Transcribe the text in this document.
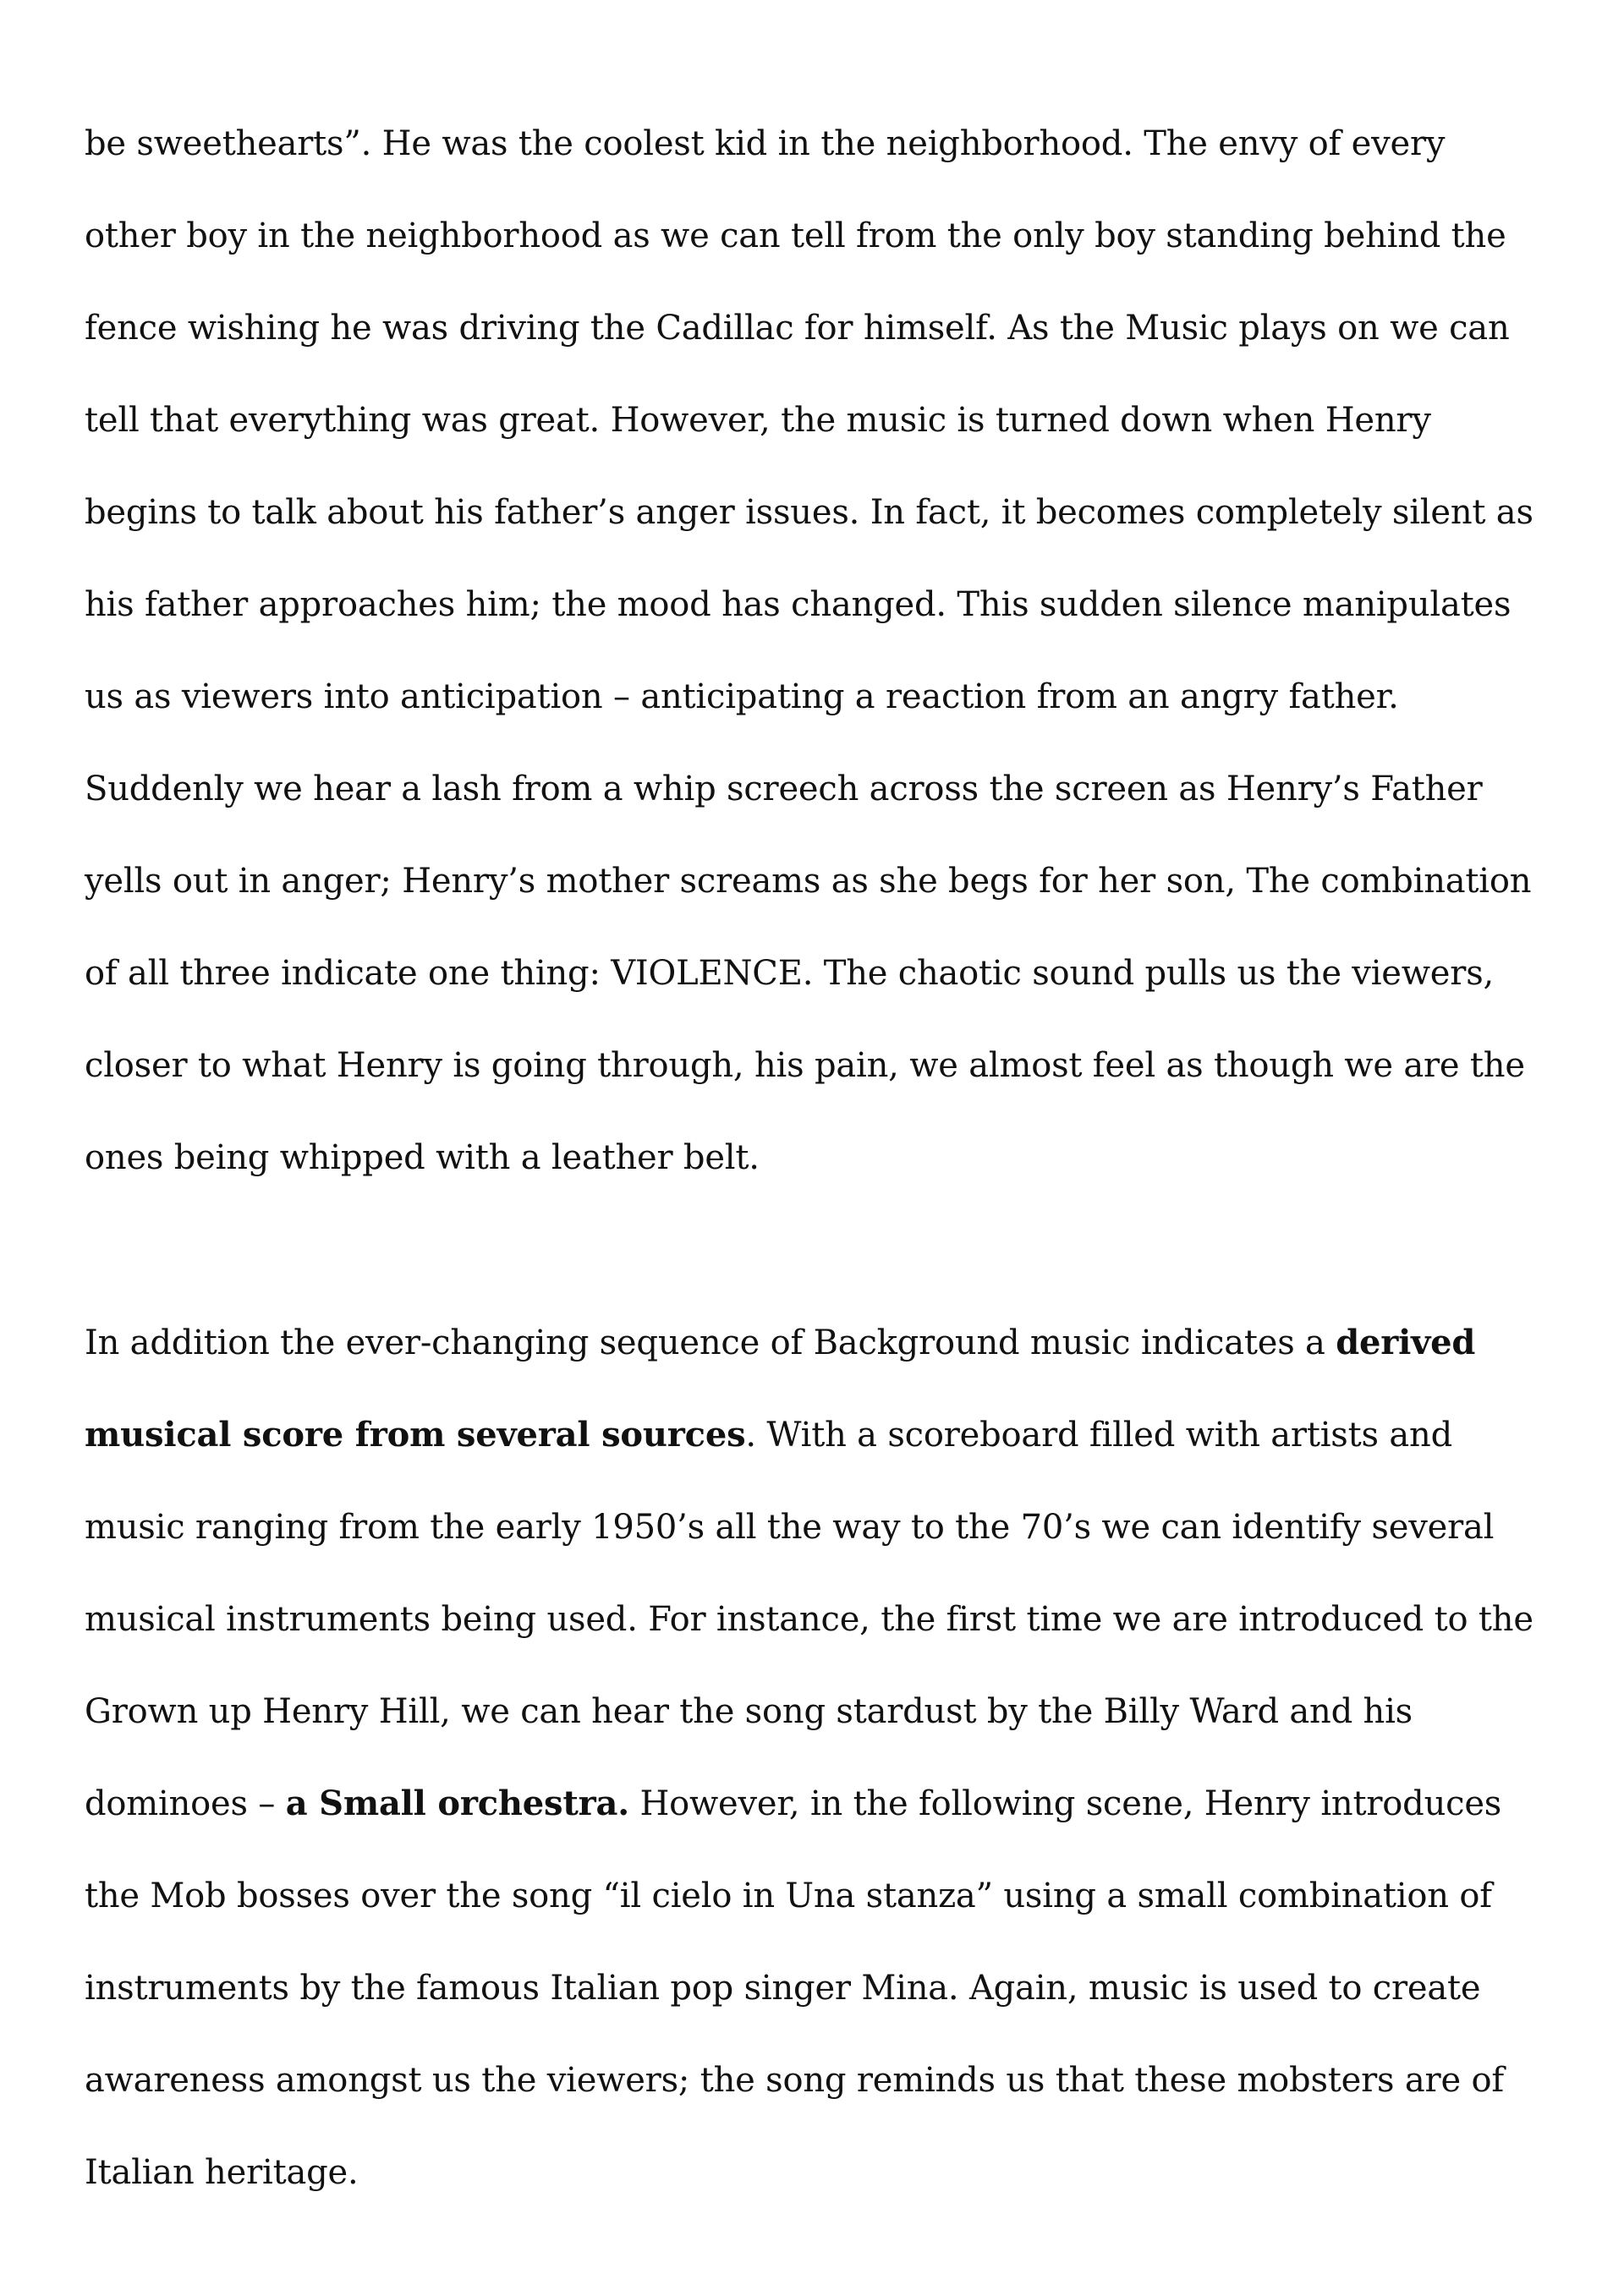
be sweethearts”. He was the coolest kid in the neighborhood. The envy of every

other boy in the neighborhood as we can tell from the only boy standing behind the

fence wishing he was driving the Cadillac for himself. As the Music plays on we can

tell that everything was great. However, the music is turned down when Henry

begins to talk about his father’s anger issues. In fact, it becomes completely silent as

his father approaches him; the mood has changed. This sudden silence manipulates

us as viewers into anticipation – anticipating a reaction from an angry father.

Suddenly we hear a lash from a whip screech across the screen as Henry’s Father

yells out in anger; Henry’s mother screams as she begs for her son, The combination

of all three indicate one thing: VIOLENCE. The chaotic sound pulls us the viewers,

closer to what Henry is going through, his pain, we almost feel as though we are the

ones being whipped with a leather belt.

In addition the ever-changing sequence of Background music indicates a derived

musical score from several sources. With a scoreboard filled with artists and

music ranging from the early 1950’s all the way to the 70’s we can identify several

musical instruments being used. For instance, the first time we are introduced to the

Grown up Henry Hill, we can hear the song stardust by the Billy Ward and his

dominoes – a Small orchestra. However, in the following scene, Henry introduces

the Mob bosses over the song “il cielo in Una stanza” using a small combination of

instruments by the famous Italian pop singer Mina. Again, music is used to create

awareness amongst us the viewers; the song reminds us that these mobsters are of

Italian heritage.
